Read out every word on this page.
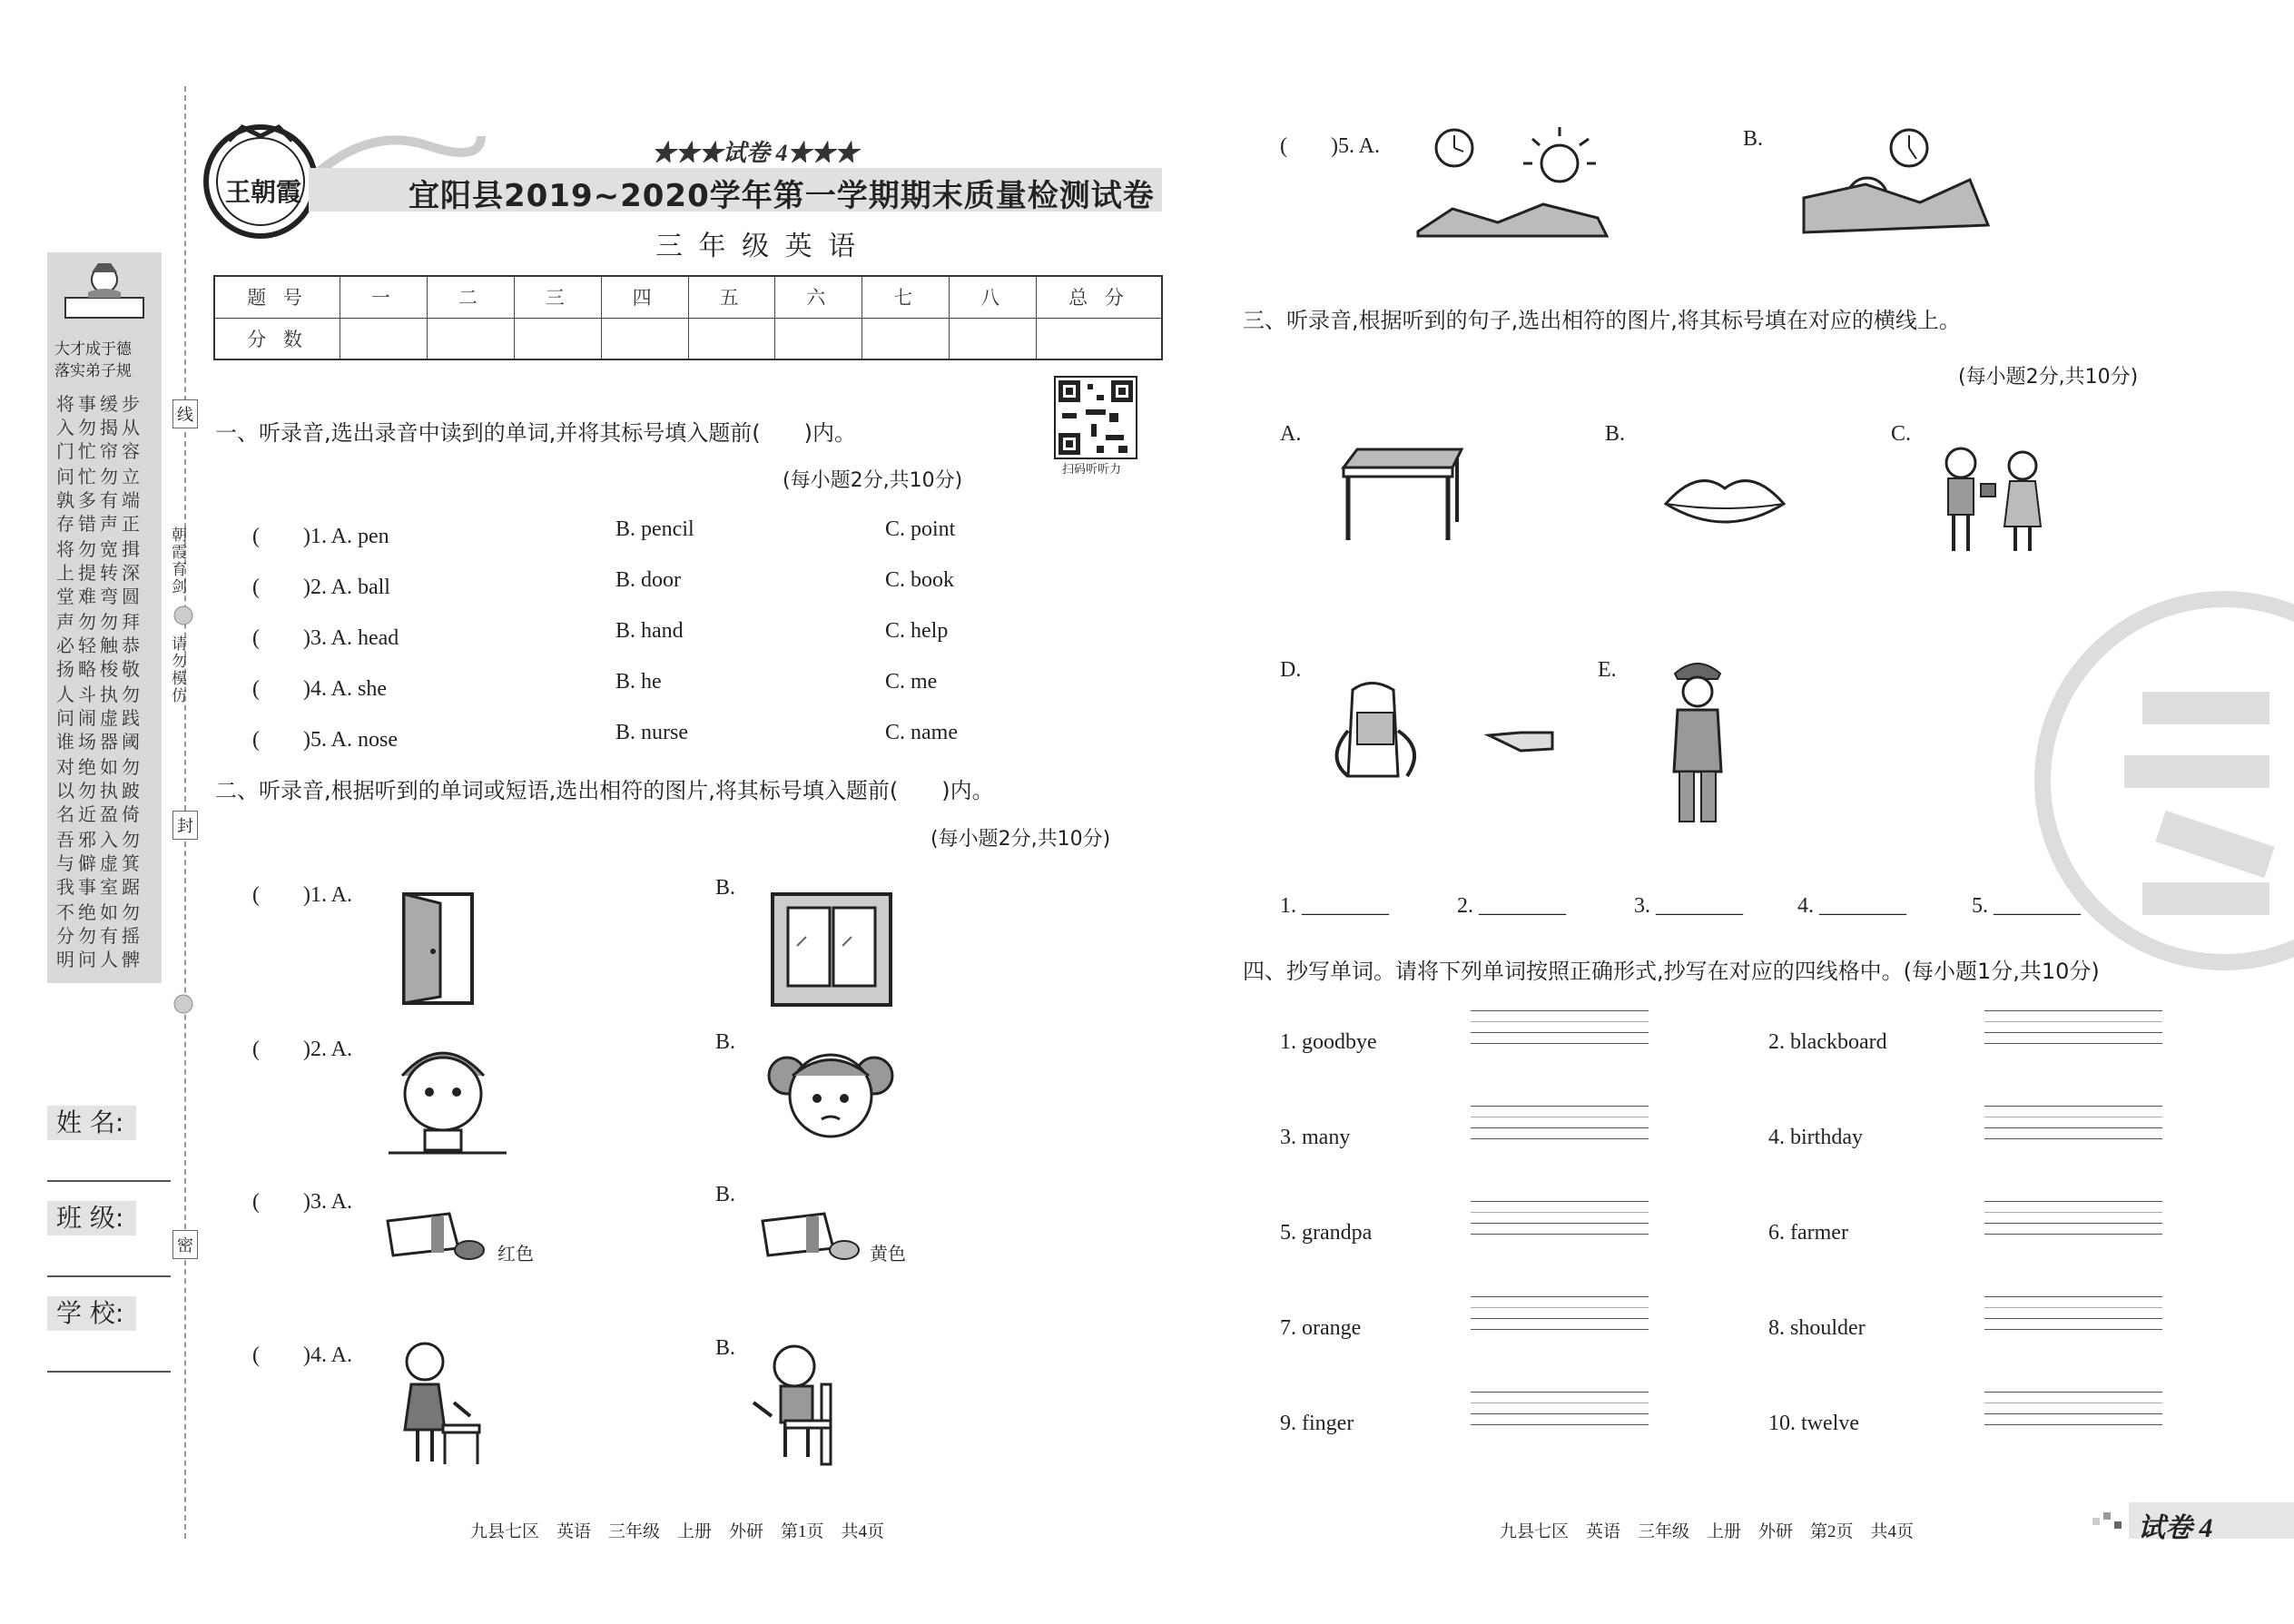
大才成于德
落实弟子规
将事缓步入勿揭从门忙帘容
问忙勿立孰多有端存错声正
将勿宽揖上提转深堂难弯圆
声勿勿拜必轻触恭扬略梭敬
人斗执勿问闹虚践谁场器阈
对绝如勿以勿执跛名近盈倚
吾邪入勿与僻虚箕我事室踞
不绝如勿分勿有摇明问人髀
线
朝霞育剑
请勿模仿
封
密
姓 名:
班 级:
学 校:
王朝霞
★★★试卷 4★★★
宜阳县2019~2020学年第一学期期末质量检测试卷
三 年 级 英 语
题 号	一	二	三	四	五	六	七	八	总 分
分 数									
扫码听听力
一、听录音,选出录音中读到的单词,并将其标号填入题前(　　)内。
(每小题2分,共10分)
(　　)1. A. pen	B. pencil	C. point
(　　)2. A. ball	B. door	C. book
(　　)3. A. head	B. hand	C. help
(　　)4. A. she	B. he	C. me
(　　)5. A. nose	B. nurse	C. name
二、听录音,根据听到的单词或短语,选出相符的图片,将其标号填入题前(　　)内。
(每小题2分,共10分)
(　　)1. A.	B.
(　　)2. A.	B.
(　　)3. A.	B.
红色	黄色
(　　)4. A.	B.
九县七区　英语　三年级　上册　外研　第1页　共4页
(　　)5. A.	B.
三、听录音,根据听到的句子,选出相符的图片,将其标号填在对应的横线上。
(每小题2分,共10分)
A.	B.	C.
D.	E.
1. ________	2. ________	3. ________	4. ________	5. ________
四、抄写单词。请将下列单词按照正确形式,抄写在对应的四线格中。(每小题1分,共10分)
1. goodbye	2. blackboard
3. many	4. birthday
5. grandpa	6. farmer
7. orange	8. shoulder
9. finger	10. twelve
九县七区　英语　三年级　上册　外研　第2页　共4页	试卷 4
